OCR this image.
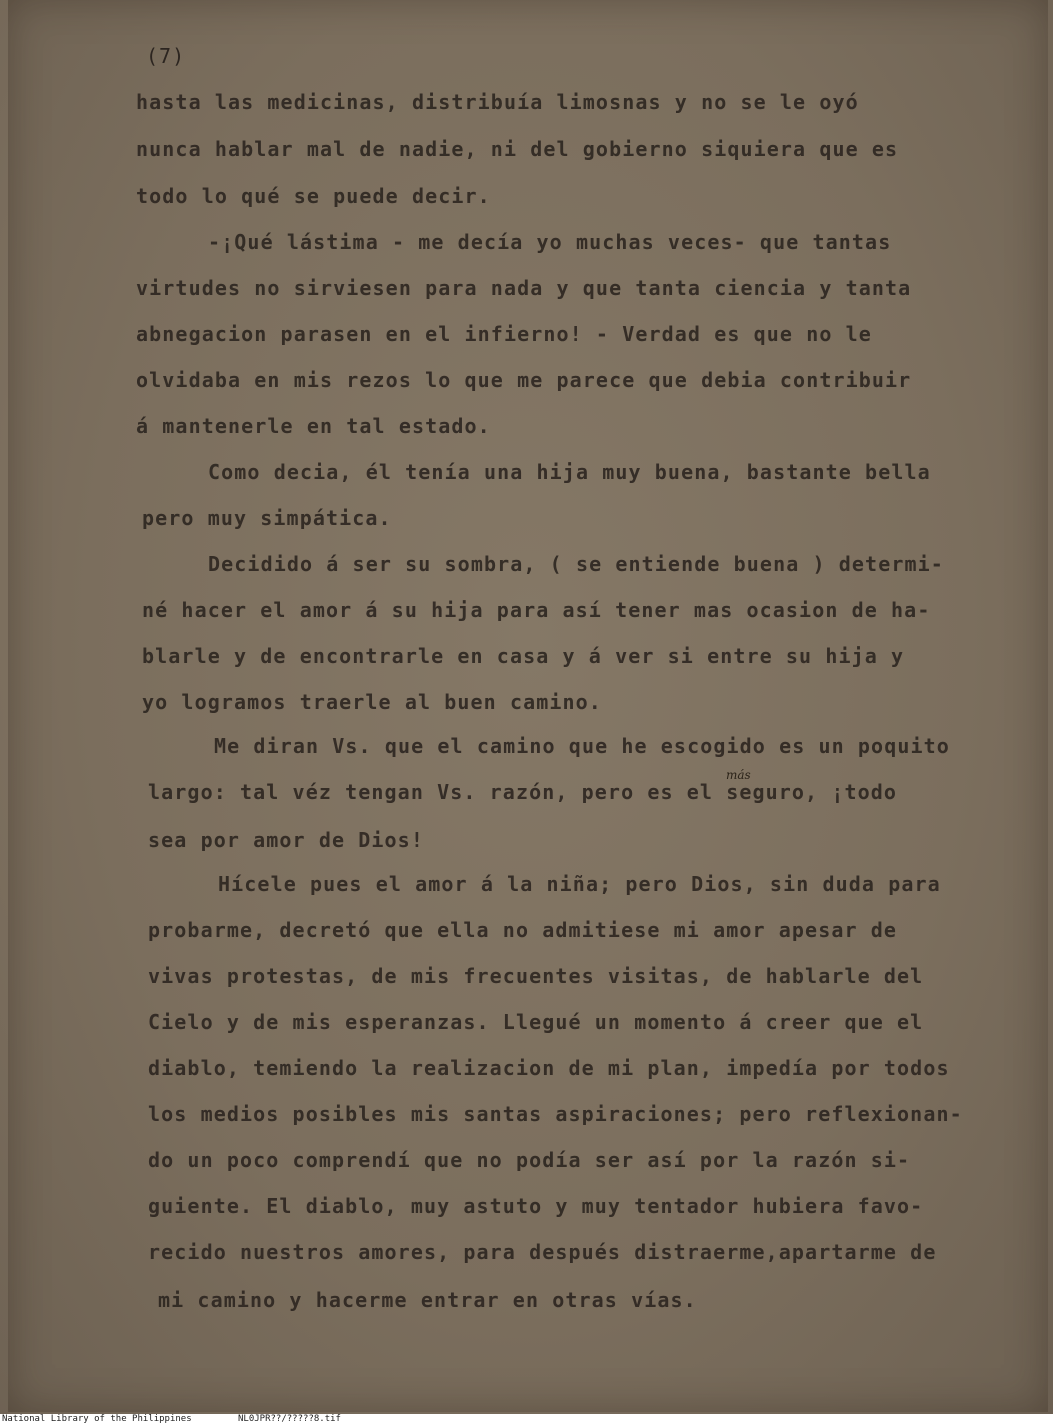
(7)
hasta las medicinas, distribuía limosnas y no se le oyó
nunca hablar mal de nadie, ni del gobierno siquiera que es
todo lo qué se puede decir.
-¡Qué lástima - me decía yo muchas veces- que tantas
virtudes no sirviesen para nada y que tanta ciencia y tanta
abnegacion parasen en el infierno! - Verdad es que no le
olvidaba en mis rezos lo que me parece que debia contribuir
á mantenerle en tal estado.
Como decia, él tenía una hija muy buena, bastante bella
pero muy simpática.
Decidido á ser su sombra, ( se entiende buena ) determi-
né hacer el amor á su hija para así tener mas ocasion de ha-
blarle y de encontrarle en casa y á ver si entre su hija y
yo logramos traerle al buen camino.
Me diran Vs. que el camino que he escogido es un poquito
largo: tal véz tengan Vs. razón, pero es el seguro, ¡todo
sea por amor de Dios!
Hícele pues el amor á la niña; pero Dios, sin duda para
probarme, decretó que ella no admitiese mi amor apesar de
vivas protestas, de mis frecuentes visitas, de hablarle del
Cielo y de mis esperanzas. Llegué un momento á creer que el
diablo, temiendo la realizacion de mi plan, impedía por todos
los medios posibles mis santas aspiraciones; pero reflexionan-
do un poco comprendí que no podía ser así por la razón si-
guiente. El diablo, muy astuto y muy tentador hubiera favo-
recido nuestros amores, para después distraerme,apartarme de
mi camino y hacerme entrar en otras vías.
más
National Library of the Philippines	NL0JPR??/?????8.tif
